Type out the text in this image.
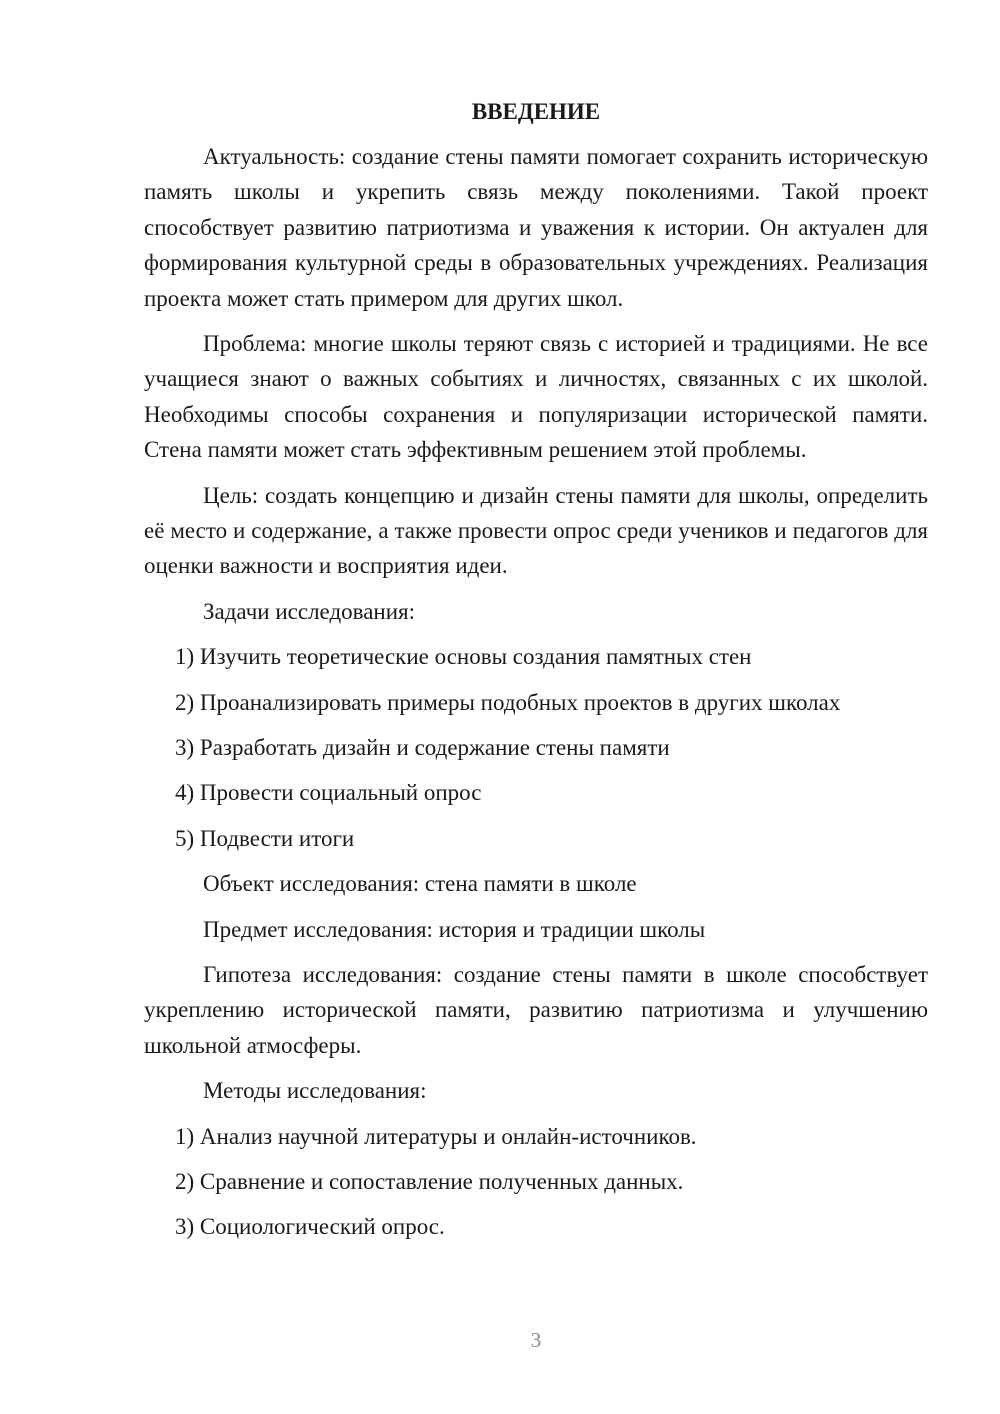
ВВЕДЕНИЕ

Актуальность: создание стены памяти помогает сохранить историческую память школы и укрепить связь между поколениями. Такой проект способствует развитию патриотизма и уважения к истории. Он актуален для формирования культурной среды в образовательных учреждениях. Реализация проекта может стать примером для других школ.

Проблема: многие школы теряют связь с историей и традициями. Не все учащиеся знают о важных событиях и личностях, связанных с их школой. Необходимы способы сохранения и популяризации исторической памяти. Стена памяти может стать эффективным решением этой проблемы.

Цель: создать концепцию и дизайн стены памяти для школы, определить её место и содержание, а также провести опрос среди учеников и педагогов для оценки важности и восприятия идеи.

Задачи исследования:
1) Изучить теоретические основы создания памятных стен
2) Проанализировать примеры подобных проектов в других школах
3) Разработать дизайн и содержание стены памяти
4) Провести социальный опрос
5) Подвести итоги
Объект исследования: стена памяти в школе
Предмет исследования: история и традиции школы

Гипотеза исследования: создание стены памяти в школе способствует укреплению исторической памяти, развитию патриотизма и улучшению школьной атмосферы.

Методы исследования:
1) Анализ научной литературы и онлайн-источников.
2) Сравнение и сопоставление полученных данных.
3) Социологический опрос.
3
